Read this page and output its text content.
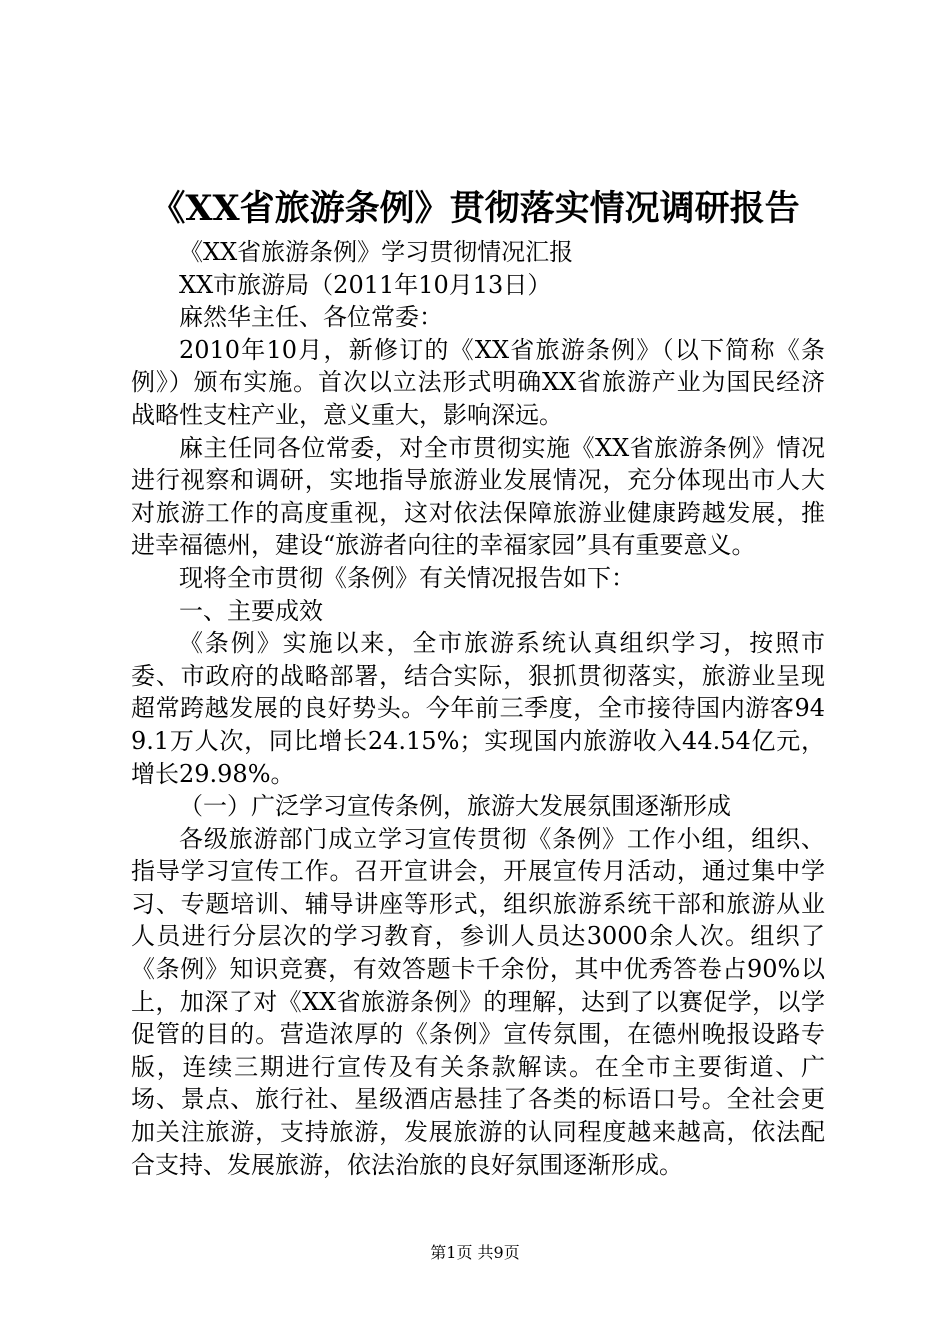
《XX省旅游条例》贯彻落实情况调研报告

《XX省旅游条例》学习贯彻情况汇报

XX市旅游局（2011年10月13日）

麻然华主任、各位常委：

2010年10月，新修订的《XX省旅游条例》（以下简称《条例》）颁布实施。首次以立法形式明确XX省旅游产业为国民经济战略性支柱产业，意义重大，影响深远。

麻主任同各位常委，对全市贯彻实施《XX省旅游条例》情况进行视察和调研，实地指导旅游业发展情况，充分体现出市人大对旅游工作的高度重视，这对依法保障旅游业健康跨越发展，推进幸福德州，建设“旅游者向往的幸福家园”具有重要意义。

现将全市贯彻《条例》有关情况报告如下：

一、主要成效

《条例》实施以来，全市旅游系统认真组织学习，按照市委、市政府的战略部署，结合实际，狠抓贯彻落实，旅游业呈现超常跨越发展的良好势头。今年前三季度，全市接待国内游客949.1万人次，同比增长24.15%；实现国内旅游收入44.54亿元，增长29.98%。

（一）广泛学习宣传条例，旅游大发展氛围逐渐形成

各级旅游部门成立学习宣传贯彻《条例》工作小组，组织、指导学习宣传工作。召开宣讲会，开展宣传月活动，通过集中学习、专题培训、辅导讲座等形式，组织旅游系统干部和旅游从业人员进行分层次的学习教育，参训人员达3000余人次。组织了《条例》知识竞赛，有效答题卡千余份，其中优秀答卷占90%以上，加深了对《XX省旅游条例》的理解，达到了以赛促学，以学促管的目的。营造浓厚的《条例》宣传氛围，在德州晚报设路专版，连续三期进行宣传及有关条款解读。在全市主要街道、广场、景点、旅行社、星级酒店悬挂了各类的标语口号。全社会更加关注旅游，支持旅游，发展旅游的认同程度越来越高，依法配合支持、发展旅游，依法治旅的良好氛围逐渐形成。

第1页 共9页
